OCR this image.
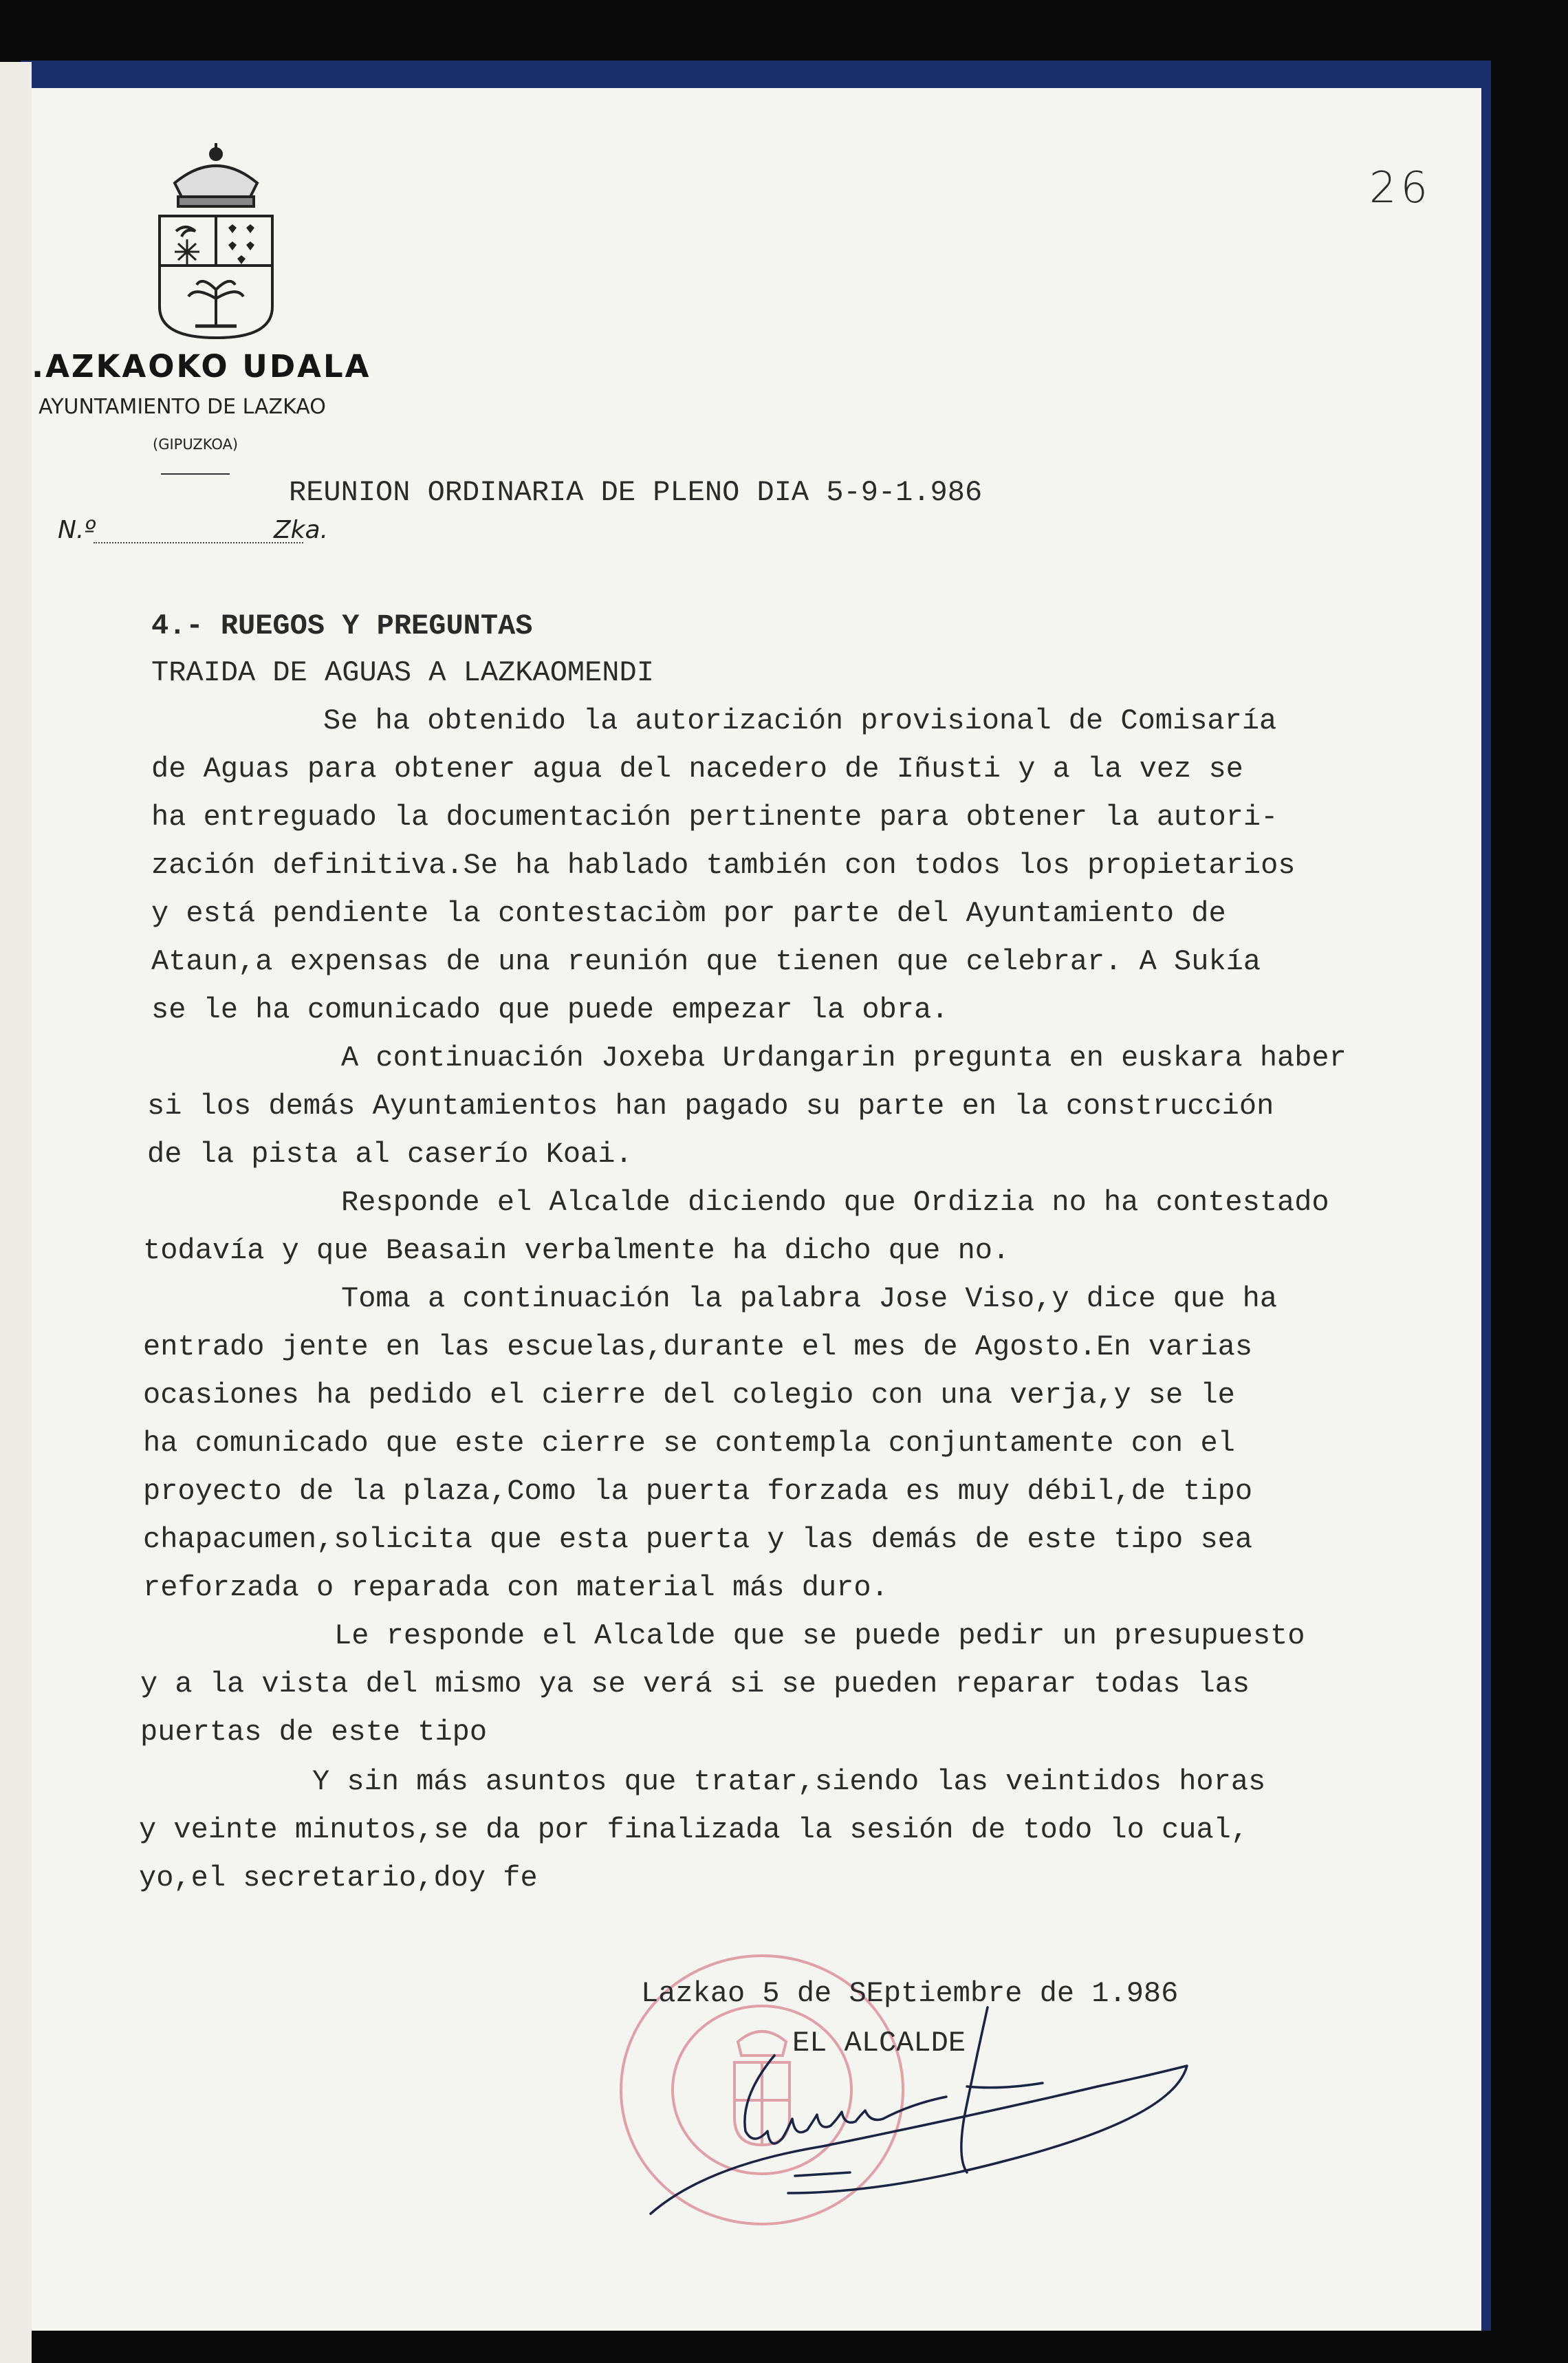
.AZKAOKO UDALA
AYUNTAMIENTO DE LAZKAO
(GIPUZKOA)
N.º	Zka.
26
REUNION ORDINARIA DE PLENO DIA 5-9-1.986
4.- RUEGOS Y PREGUNTAS
TRAIDA DE AGUAS A LAZKAOMENDI
Se ha obtenido la autorización provisional de Comisaría
de Aguas para obtener agua del nacedero de Iñusti y a la vez se
ha entreguado la documentación pertinente para obtener la autori-
zación definitiva.Se ha hablado también con todos los propietarios
y está pendiente la contestaciòm por parte del Ayuntamiento de
Ataun,a expensas de una reunión que tienen que celebrar. A Sukía
se le ha comunicado que puede empezar la obra.
A continuación Joxeba Urdangarin pregunta en euskara haber
si los demás Ayuntamientos han pagado su parte en la construcción
de la pista al caserío Koai.
Responde el Alcalde diciendo que Ordizia no ha contestado
todavía y que Beasain verbalmente ha dicho que no.
Toma a continuación la palabra Jose Viso,y dice que ha
entrado jente en las escuelas,durante el mes de Agosto.En varias
ocasiones ha pedido el cierre del colegio con una verja,y se le
ha comunicado que este cierre se contempla conjuntamente con el
proyecto de la plaza,Como la puerta forzada es muy débil,de tipo
chapacumen,solicita que esta puerta y las demás de este tipo sea
reforzada o reparada con material más duro.
Le responde el Alcalde que se puede pedir un presupuesto
y a la vista del mismo ya se verá si se pueden reparar todas las
puertas de este tipo
Y sin más asuntos que tratar,siendo las veintidos horas
y veinte minutos,se da por finalizada la sesión de todo lo cual,
yo,el secretario,doy fe
Lazkao 5 de SEptiembre de 1.986
EL ALCALDE
